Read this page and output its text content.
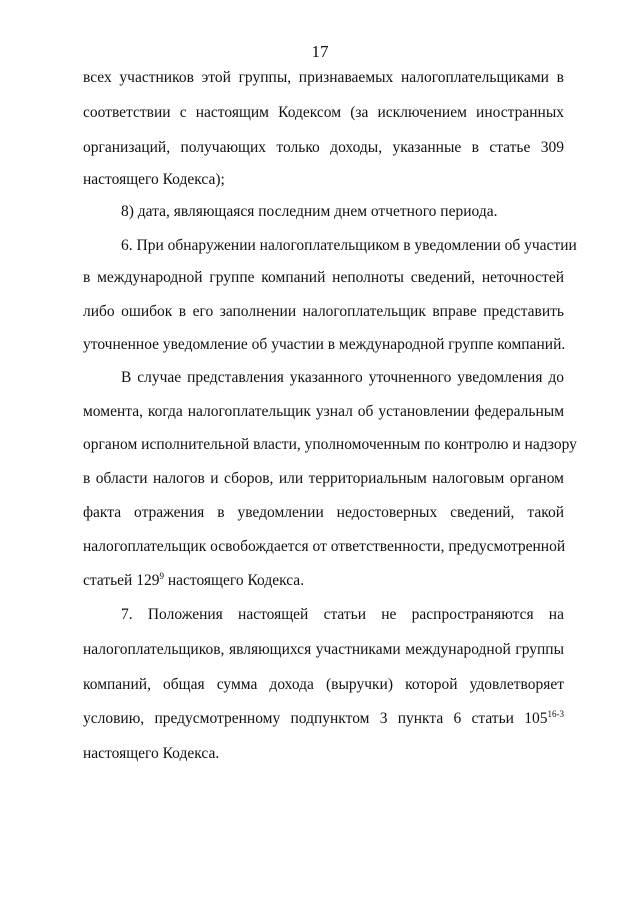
17
всех участников этой группы, признаваемых налогоплательщиками в
соответствии с настоящим Кодексом (за исключением иностранных
организаций, получающих только доходы, указанные в статье 309
настоящего Кодекса);
8) дата, являющаяся последним днем отчетного периода.
6. При обнаружении налогоплательщиком в уведомлении об участии
в международной группе компаний неполноты сведений, неточностей
либо ошибок в его заполнении налогоплательщик вправе представить
уточненное уведомление об участии в международной группе компаний.
В случае представления указанного уточненного уведомления до
момента, когда налогоплательщик узнал об установлении федеральным
органом исполнительной власти, уполномоченным по контролю и надзору
в области налогов и сборов, или территориальным налоговым органом
факта отражения в уведомлении недостоверных сведений, такой
налогоплательщик освобождается от ответственности, предусмотренной
статьей $129^9$ настоящего Кодекса.
7. Положения настоящей статьи не распространяются на
налогоплательщиков, являющихся участниками международной группы
компаний, общая сумма дохода (выручки) которой удовлетворяет
условию, предусмотренному подпунктом 3 пункта 6 статьи 105$^{16-3}$
настоящего Кодекса.
